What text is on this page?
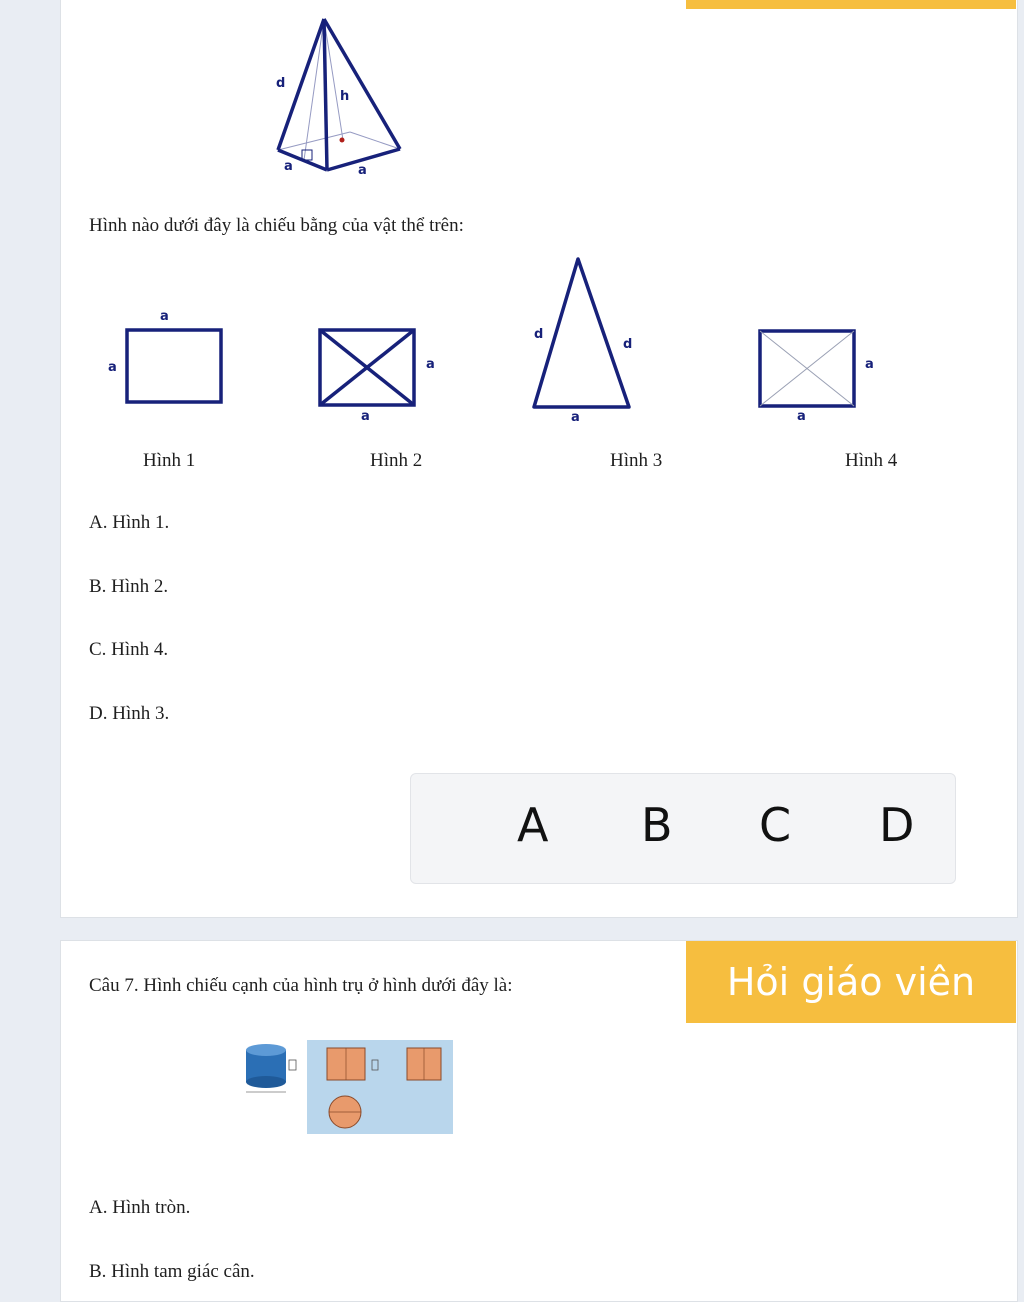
d
h
a	a
Hình nào dưới đây là chiếu bằng của vật thể trên:
a
a	a
a
d
d
a
a
a
Hình 1	Hình 2	Hình 3	Hình 4
A. Hình 1.
B. Hình 2.
C. Hình 4.
D. Hình 3.
A B C D
Hỏi giáo viên
Câu 7. Hình chiếu cạnh của hình trụ ở hình dưới đây là:
A. Hình tròn.
B. Hình tam giác cân.
